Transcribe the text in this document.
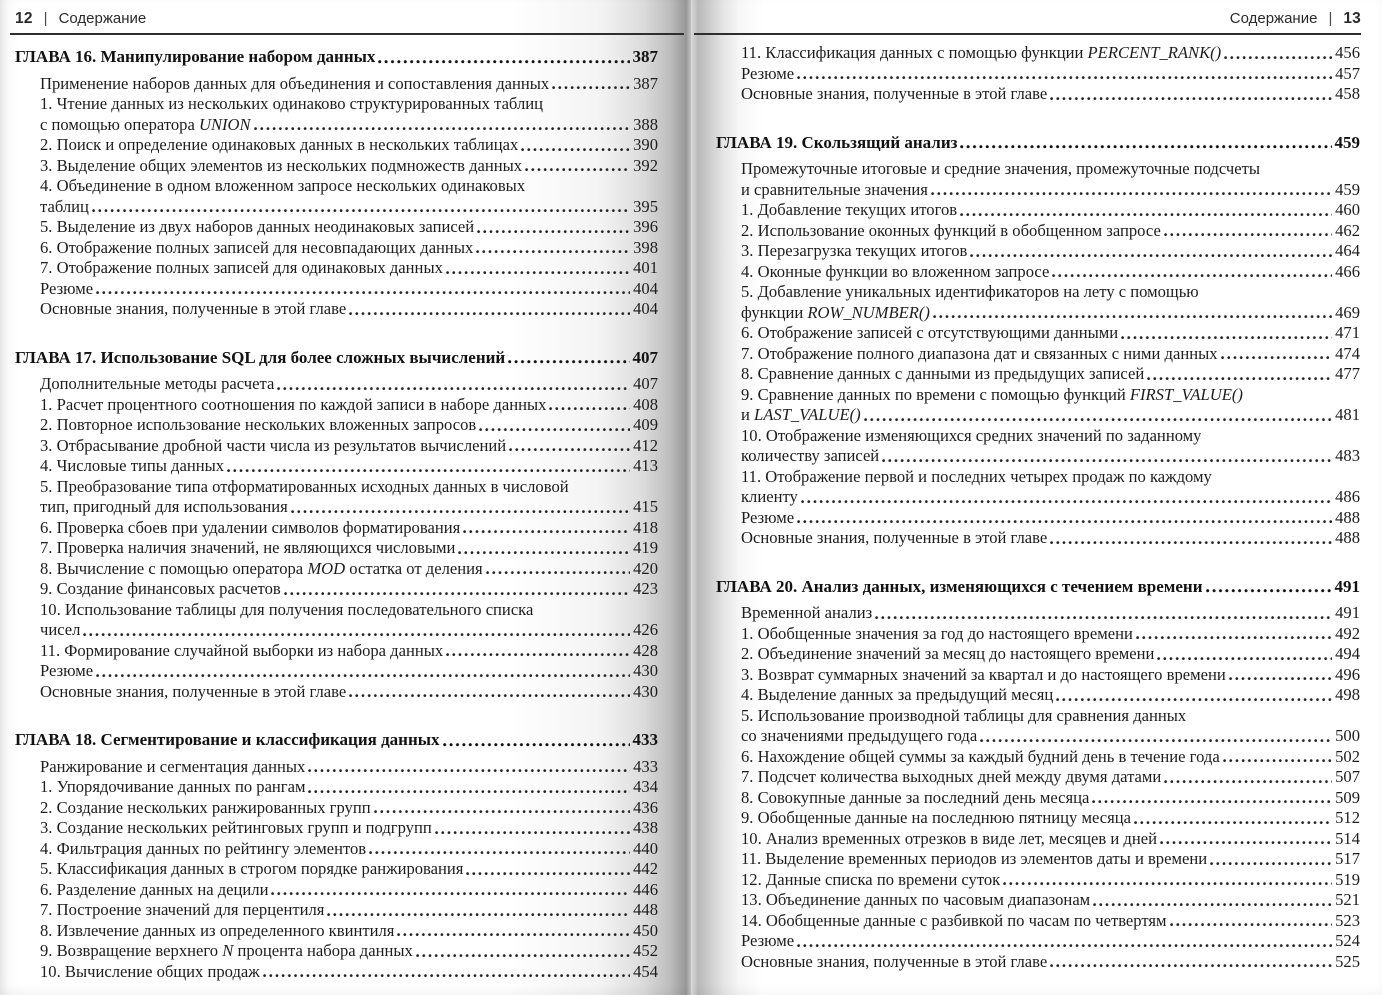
12 | Содержание
ГЛАВА 16. Манипулирование набором данных	387
Применение наборов данных для объединения и сопоставления данных	387
1. Чтение данных из нескольких одинаково структурированных таблиц
с помощью оператора UNION	388
2. Поиск и определение одинаковых данных в нескольких таблицах	390
3. Выделение общих элементов из нескольких подмножеств данных	392
4. Объединение в одном вложенном запросе нескольких одинаковых
таблиц	395
5. Выделение из двух наборов данных неодинаковых записей	396
6. Отображение полных записей для несовпадающих данных	398
7. Отображение полных записей для одинаковых данных	401
Резюме	404
Основные знания, полученные в этой главе	404
ГЛАВА 17. Использование SQL для более сложных вычислений	407
Дополнительные методы расчета	407
1. Расчет процентного соотношения по каждой записи в наборе данных	408
2. Повторное использование нескольких вложенных запросов	409
3. Отбрасывание дробной части числа из результатов вычислений	412
4. Числовые типы данных	413
5. Преобразование типа отформатированных исходных данных в числовой
тип, пригодный для использования	415
6. Проверка сбоев при удалении символов форматирования	418
7. Проверка наличия значений, не являющихся числовыми	419
8. Вычисление с помощью оператора MOD остатка от деления	420
9. Создание финансовых расчетов	423
10. Использование таблицы для получения последовательного списка
чисел	426
11. Формирование случайной выборки из набора данных	428
Резюме	430
Основные знания, полученные в этой главе	430
ГЛАВА 18. Сегментирование и классификация данных	433
Ранжирование и сегментация данных	433
1. Упорядочивание данных по рангам	434
2. Создание нескольких ранжированных групп	436
3. Создание нескольких рейтинговых групп и подгрупп	438
4. Фильтрация данных по рейтингу элементов	440
5. Классификация данных в строгом порядке ранжирования	442
6. Разделение данных на децили	446
7. Построение значений для перцентиля	448
8. Извлечение данных из определенного квинтиля	450
9. Возвращение верхнего N процента набора данных	452
10. Вычисление общих продаж	454
Содержание | 13
11. Классификация данных с помощью функции PERCENT_RANK()	456
Резюме	457
Основные знания, полученные в этой главе	458
ГЛАВА 19. Скользящий анализ	459
Промежуточные итоговые и средние значения, промежуточные подсчеты
и сравнительные значения	459
1. Добавление текущих итогов	460
2. Использование оконных функций в обобщенном запросе	462
3. Перезагрузка текущих итогов	464
4. Оконные функции во вложенном запросе	466
5. Добавление уникальных идентификаторов на лету с помощью
функции ROW_NUMBER()	469
6. Отображение записей с отсутствующими данными	471
7. Отображение полного диапазона дат и связанных с ними данных	474
8. Сравнение данных с данными из предыдущих записей	477
9. Сравнение данных по времени с помощью функций FIRST_VALUE()
и LAST_VALUE()	481
10. Отображение изменяющихся средних значений по заданному
количеству записей	483
11. Отображение первой и последних четырех продаж по каждому
клиенту	486
Резюме	488
Основные знания, полученные в этой главе	488
ГЛАВА 20. Анализ данных, изменяющихся с течением времени	491
Временной анализ	491
1. Обобщенные значения за год до настоящего времени	492
2. Объединение значений за месяц до настоящего времени	494
3. Возврат суммарных значений за квартал и до настоящего времени	496
4. Выделение данных за предыдущий месяц	498
5. Использование производной таблицы для сравнения данных
со значениями предыдущего года	500
6. Нахождение общей суммы за каждый будний день в течение года	502
7. Подсчет количества выходных дней между двумя датами	507
8. Совокупные данные за последний день месяца	509
9. Обобщенные данные на последнюю пятницу месяца	512
10. Анализ временных отрезков в виде лет, месяцев и дней	514
11. Выделение временных периодов из элементов даты и времени	517
12. Данные списка по времени суток	519
13. Объединение данных по часовым диапазонам	521
14. Обобщенные данные с разбивкой по часам по четвертям	523
Резюме	524
Основные знания, полученные в этой главе	525
